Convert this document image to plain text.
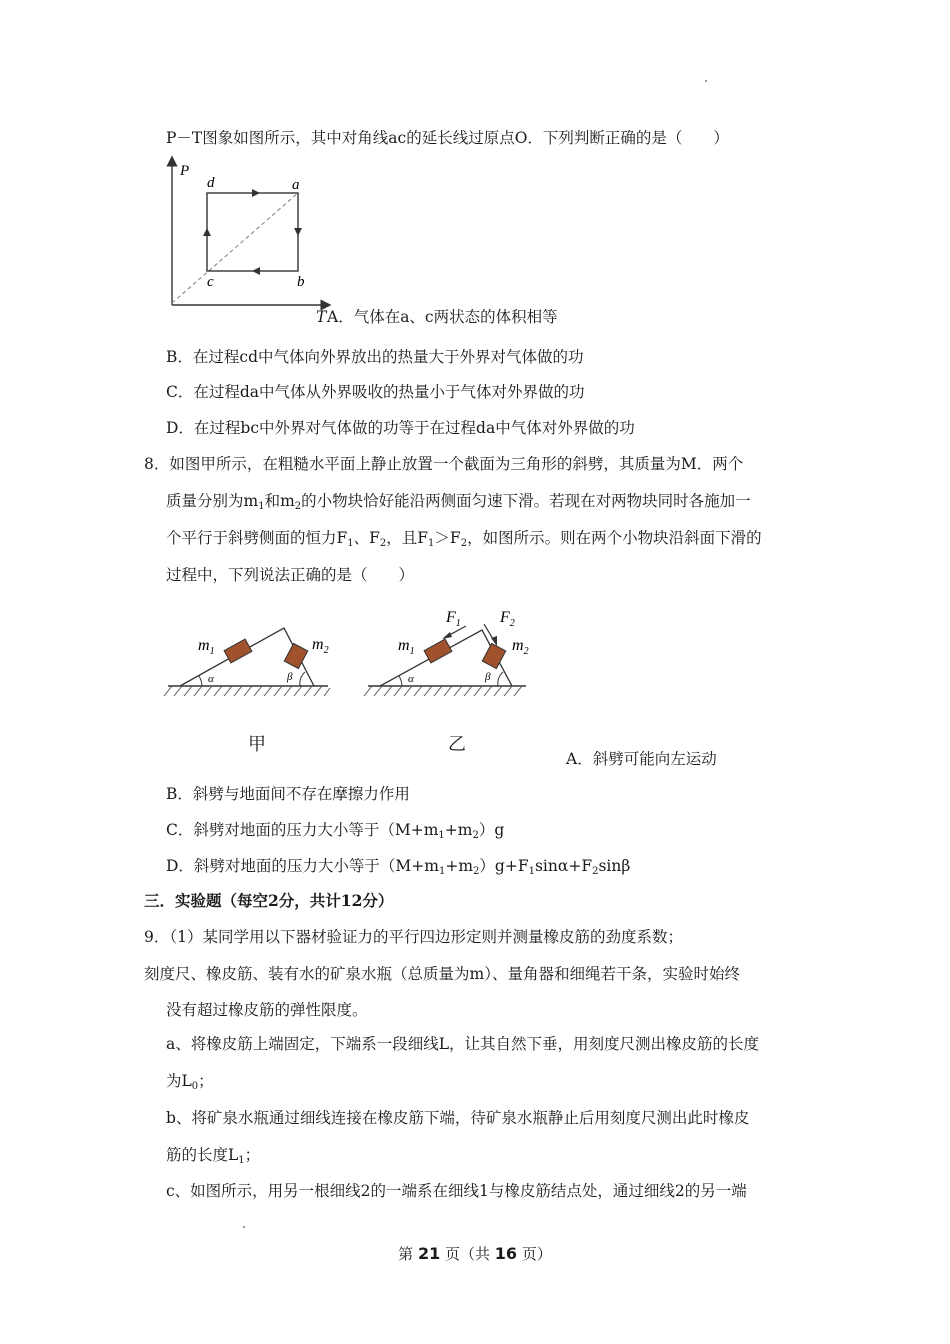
P－T图象如图所示，其中对角线ac的延长线过原点O．下列判断正确的是（　　）
P
d	a
c	b
T A．气体在a、c两状态的体积相等
B．在过程cd中气体向外界放出的热量大于外界对气体做的功
C．在过程da中气体从外界吸收的热量小于气体对外界做的功
D．在过程bc中外界对气体做的功等于在过程da中气体对外界做的功
8．如图甲所示，在粗糙水平面上静止放置一个截面为三角形的斜劈，其质量为M．两个
质量分别为$m_1$和$m_2$的小物块恰好能沿两侧面匀速下滑。若现在对两物块同时各施加一
个平行于斜劈侧面的恒力$F_1$、$F_2$，且$F_1>F_2$，如图所示。则在两个小物块沿斜面下滑的
过程中，下列说法正确的是（　　）
$m_1$	$m_2$
α	β
甲
$m_1$	$m_2$
$F_1$ $F_2$
α	β
乙
A．斜劈可能向左运动
B．斜劈与地面间不存在摩擦力作用
C．斜劈对地面的压力大小等于$(M+m_1+m_2)g$
D．斜劈对地面的压力大小等于$(M+m_1+m_2)g+F_1\sin\alpha+F_2\sin\beta$
三．实验题（每空2分，共计12分）
9．（1）某同学用以下器材验证力的平行四边形定则并测量橡皮筋的劲度系数；
刻度尺、橡皮筋、装有水的矿泉水瓶（总质量为m）、量角器和细绳若干条，实验时始终
没有超过橡皮筋的弹性限度。
a、将橡皮筋上端固定，下端系一段细线L，让其自然下垂，用刻度尺测出橡皮筋的长度
为$L_0$；
b、将矿泉水瓶通过细线连接在橡皮筋下端，待矿泉水瓶静止后用刻度尺测出此时橡皮
筋的长度$L_1$；
c、如图所示，用另一根细线2的一端系在细线1与橡皮筋结点处，通过细线2的另一端
第 21 页（共 16 页）
